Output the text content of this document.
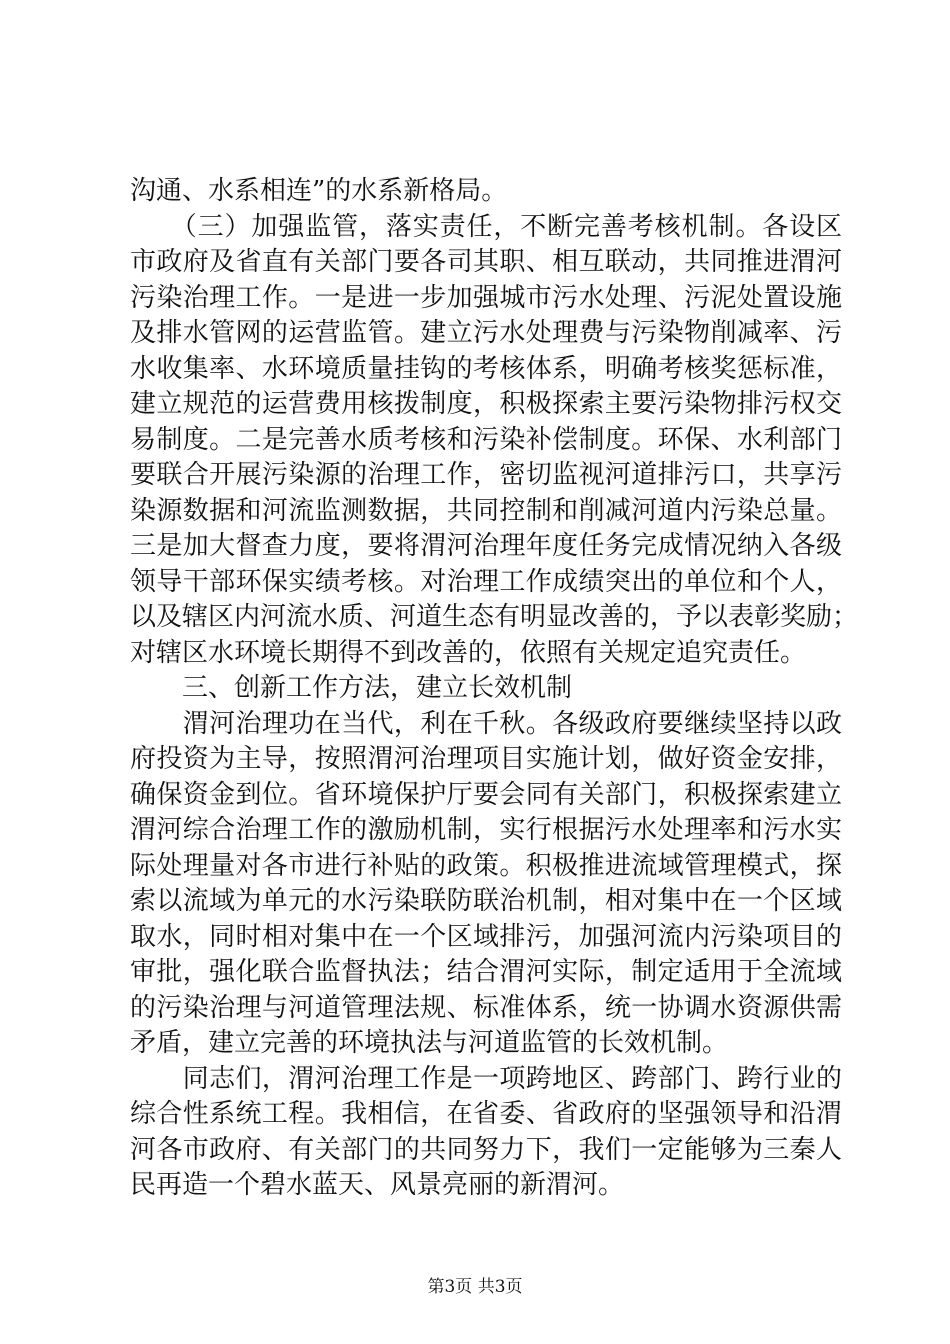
沟通、水系相连”的水系新格局。
　　（三）加强监管，落实责任，不断完善考核机制。各设区
市政府及省直有关部门要各司其职、相互联动，共同推进渭河
污染治理工作。一是进一步加强城市污水处理、污泥处置设施
及排水管网的运营监管。建立污水处理费与污染物削减率、污
水收集率、水环境质量挂钩的考核体系，明确考核奖惩标准，
建立规范的运营费用核拨制度，积极探索主要污染物排污权交
易制度。二是完善水质考核和污染补偿制度。环保、水利部门
要联合开展污染源的治理工作，密切监视河道排污口，共享污
染源数据和河流监测数据，共同控制和削减河道内污染总量。
三是加大督查力度，要将渭河治理年度任务完成情况纳入各级
领导干部环保实绩考核。对治理工作成绩突出的单位和个人，
以及辖区内河流水质、河道生态有明显改善的，予以表彰奖励；
对辖区水环境长期得不到改善的，依照有关规定追究责任。
　　三、创新工作方法，建立长效机制
　　渭河治理功在当代，利在千秋。各级政府要继续坚持以政
府投资为主导，按照渭河治理项目实施计划，做好资金安排，
确保资金到位。省环境保护厅要会同有关部门，积极探索建立
渭河综合治理工作的激励机制，实行根据污水处理率和污水实
际处理量对各市进行补贴的政策。积极推进流域管理模式，探
索以流域为单元的水污染联防联治机制，相对集中在一个区域
取水，同时相对集中在一个区域排污，加强河流内污染项目的
审批，强化联合监督执法；结合渭河实际，制定适用于全流域
的污染治理与河道管理法规、标准体系，统一协调水资源供需
矛盾，建立完善的环境执法与河道监管的长效机制。
　　同志们，渭河治理工作是一项跨地区、跨部门、跨行业的
综合性系统工程。我相信，在省委、省政府的坚强领导和沿渭
河各市政府、有关部门的共同努力下，我们一定能够为三秦人
民再造一个碧水蓝天、风景亮丽的新渭河。
第3页 共3页
